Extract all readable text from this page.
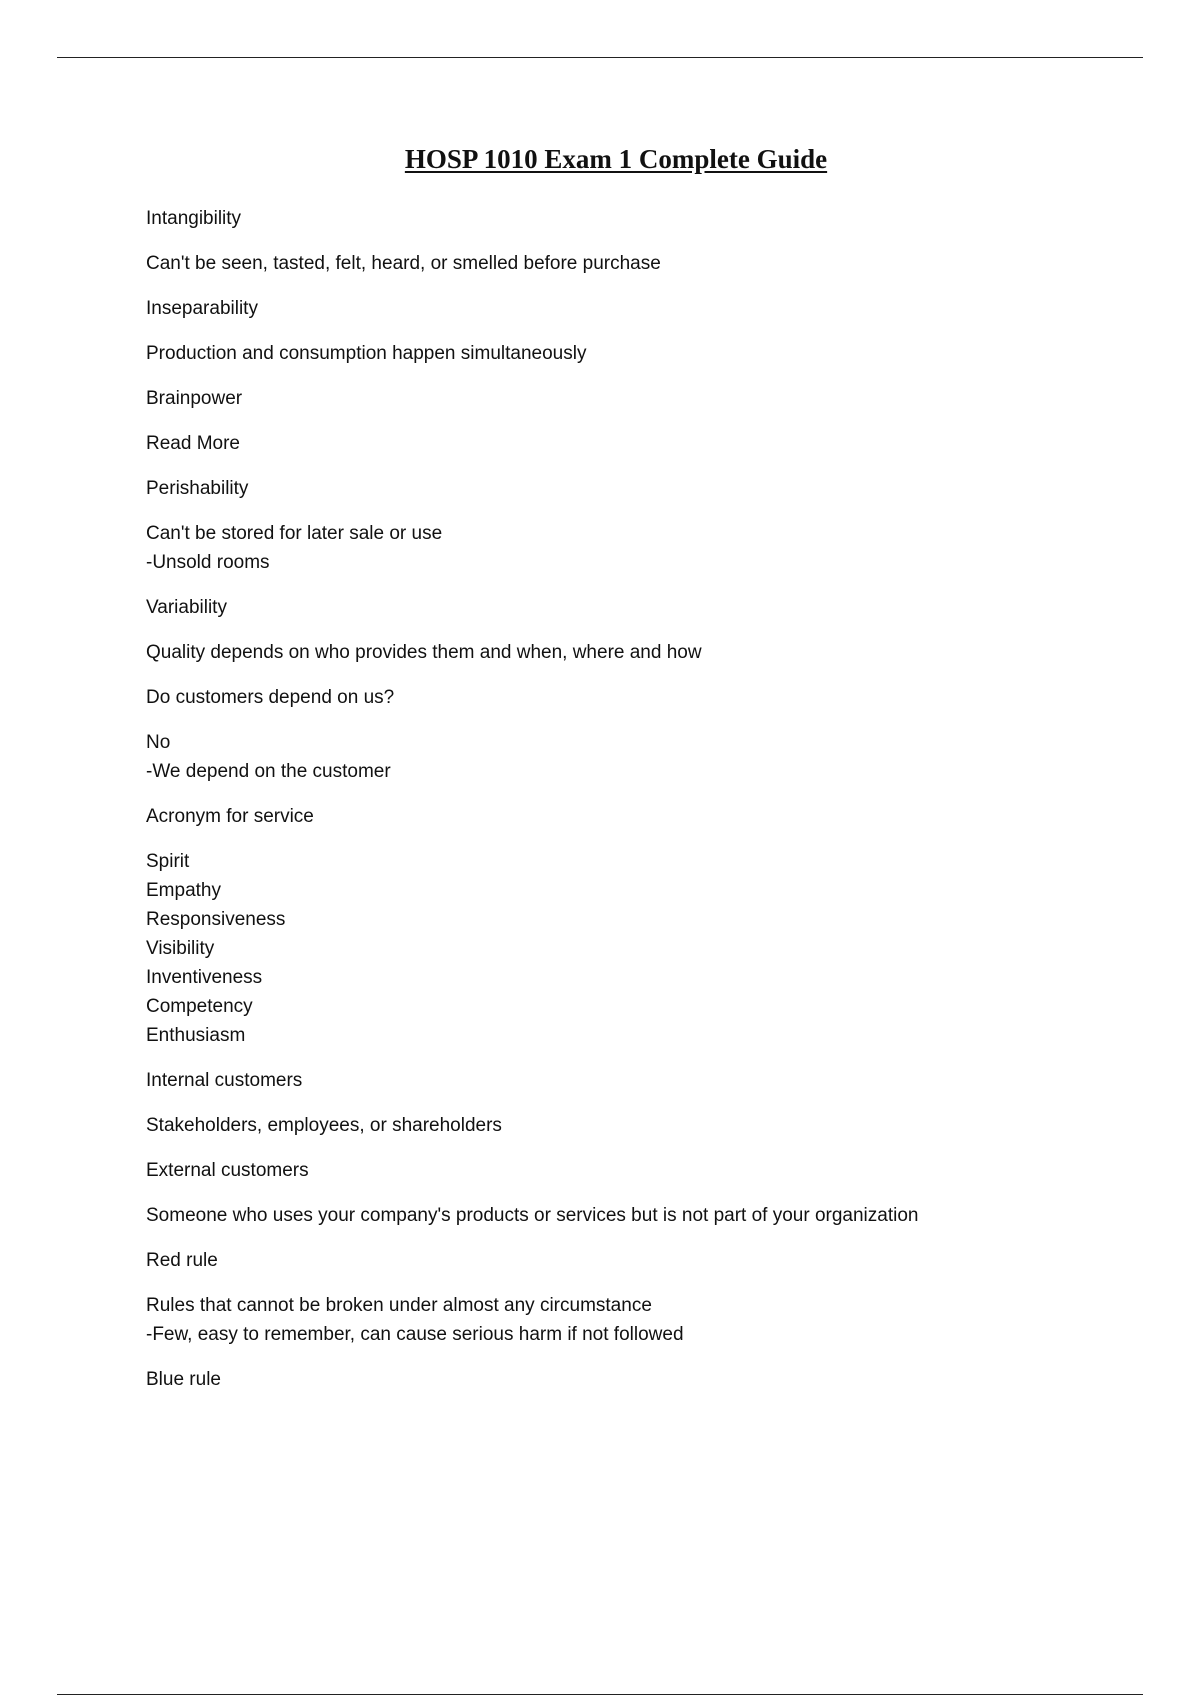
HOSP 1010 Exam 1 Complete Guide
Intangibility
Can't be seen, tasted, felt, heard, or smelled before purchase
Inseparability
Production and consumption happen simultaneously
Brainpower
Read More
Perishability
Can't be stored for later sale or use
-Unsold rooms
Variability
Quality depends on who provides them and when, where and how
Do customers depend on us?
No
-We depend on the customer
Acronym for service
Spirit
Empathy
Responsiveness
Visibility
Inventiveness
Competency
Enthusiasm
Internal customers
Stakeholders, employees, or shareholders
External customers
Someone who uses your company's products or services but is not part of your organization
Red rule
Rules that cannot be broken under almost any circumstance
-Few, easy to remember, can cause serious harm if not followed
Blue rule
